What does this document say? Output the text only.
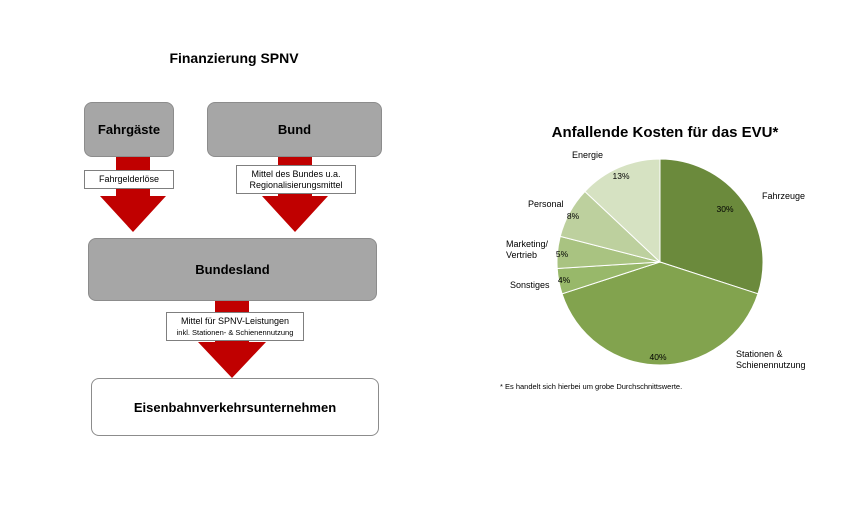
Finanzierung SPNV
Fahrgäste	Bund
Fahrgelderlöse
Mittel des Bundes u.a.
Regionalisierungsmittel
Bundesland
Mittel für SPNV-Leistungen
inkl. Stationen- & Schienennutzung
Eisenbahnverkehrsunternehmen
Anfallende Kosten für das EVU*
30%
40%
4%
5%
8%
13%
Fahrzeuge
Stationen &
Schienennutzung
Sonstiges
Marketing/
Vertrieb
Personal
Energie
* Es handelt sich hierbei um grobe Durchschnittswerte.
